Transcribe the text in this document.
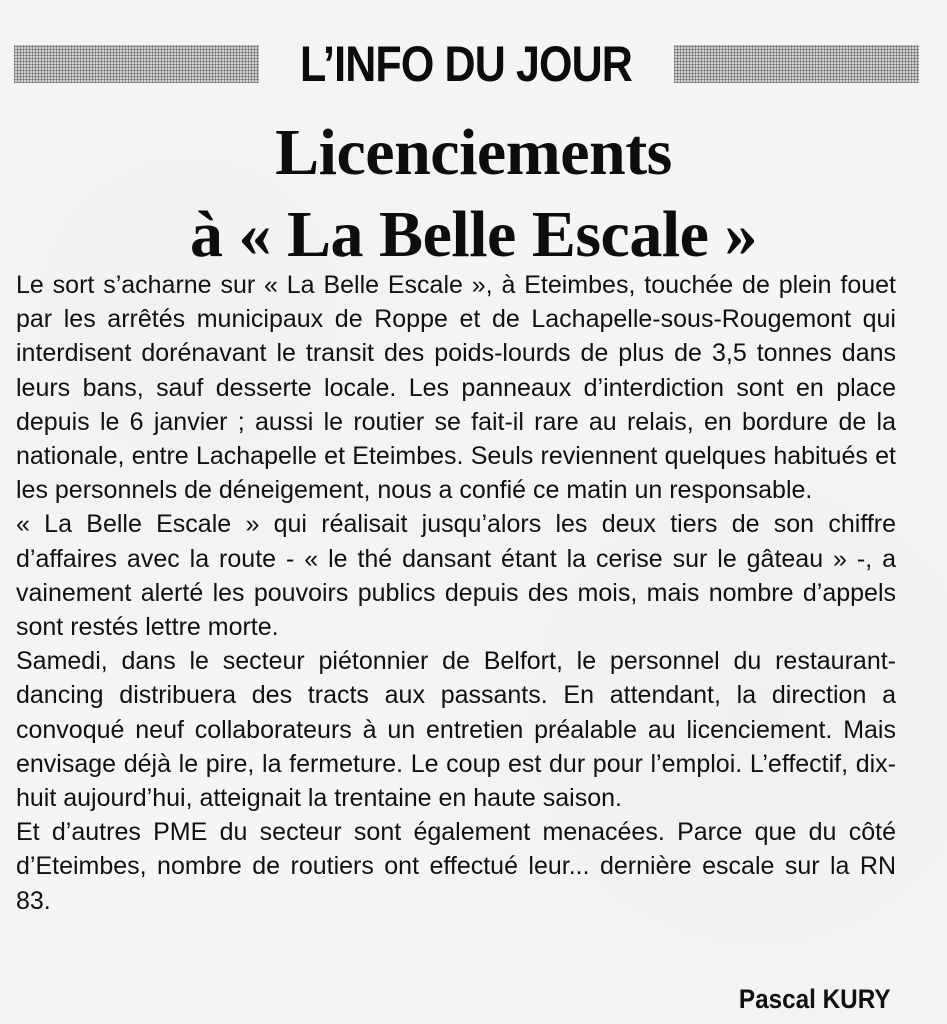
L’INFO DU JOUR
Licenciements
à « La Belle Escale »

Le sort s’acharne sur « La Belle Escale », à Eteimbes, touchée de plein fouet par les arrêtés municipaux de Roppe et de Lachapelle-sous-Rougemont qui interdisent dorénavant le transit des poids-lourds de plus de 3,5 tonnes dans leurs bans, sauf desserte locale. Les panneaux d’interdiction sont en place depuis le 6 janvier ; aussi le routier se fait-il rare au relais, en bordure de la nationale, entre Lachapelle et Eteimbes. Seuls reviennent quelques habitués et les personnels de déneigement, nous a confié ce matin un responsable.

« La Belle Escale » qui réalisait jusqu’alors les deux tiers de son chiffre d’affaires avec la route - « le thé dansant étant la cerise sur le gâteau » -, a vainement alerté les pouvoirs publics depuis des mois, mais nombre d’appels sont restés lettre morte.

Samedi, dans le secteur piétonnier de Belfort, le personnel du restaurant-dancing distribuera des tracts aux passants. En attendant, la direction a convoqué neuf collaborateurs à un entretien préalable au licenciement. Mais envisage déjà le pire, la fermeture. Le coup est dur pour l’emploi. L’effectif, dix-huit aujourd’hui, atteignait la trentaine en haute saison.

Et d’autres PME du secteur sont également menacées. Parce que du côté d’Eteimbes, nombre de routiers ont effectué leur... dernière escale sur la RN 83.

Pascal KURY
